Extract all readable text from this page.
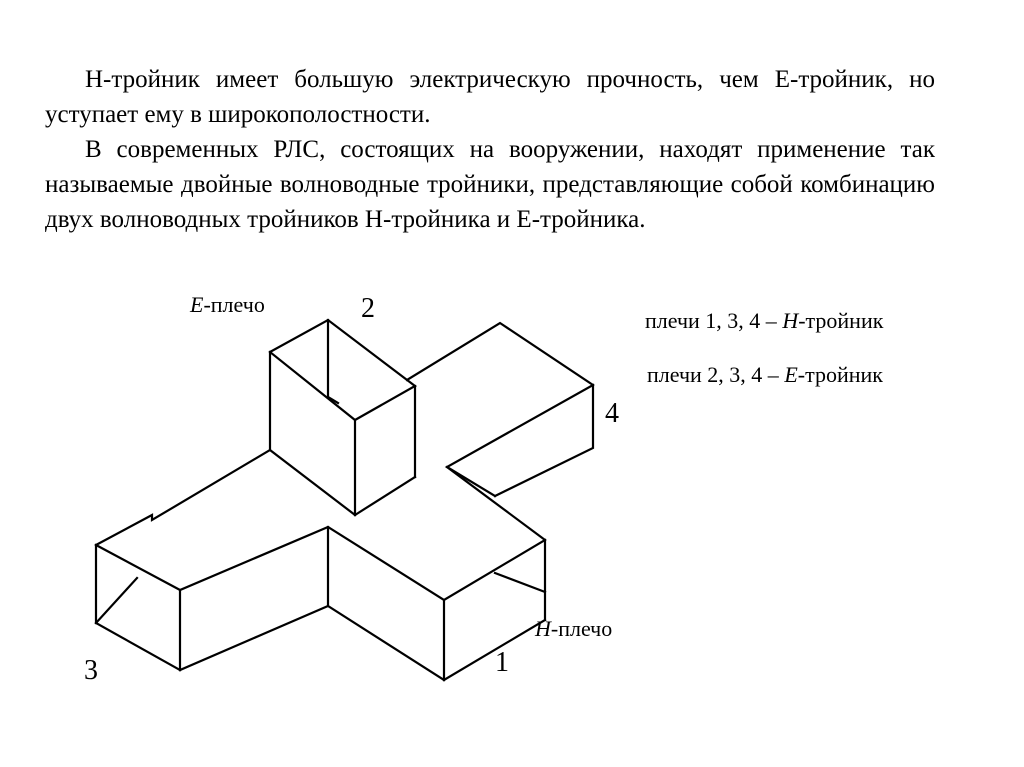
Н-тройник имеет большую электрическую прочность, чем Е-тройник, но уступает ему в широкополостности.

В современных РЛС, состоящих на вооружении, находят применение так называемые двойные волноводные тройники, представляющие собой комбинацию двух волноводных тройников Н-тройника и Е-тройника.

Е-плечо	2	плечи 1, 3, 4 – Н-тройник
плечи 2, 3, 4 – Е-тройник
4
Н-плечо
1
3
